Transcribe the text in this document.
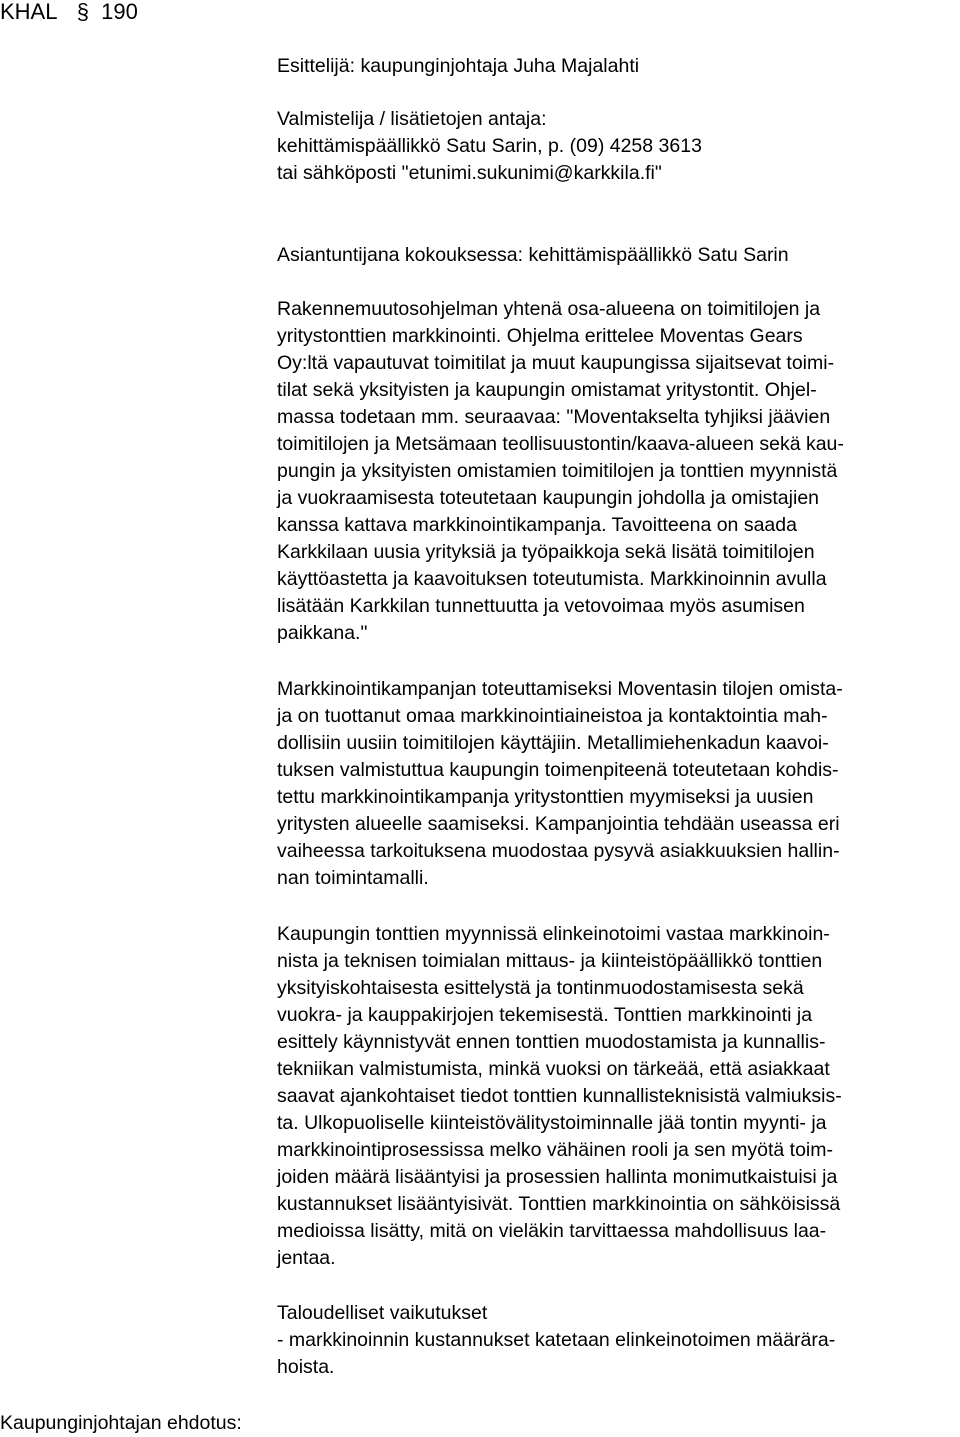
KHAL § 190
Esittelijä: kaupunginjohtaja Juha Majalahti
Valmistelija / lisätietojen antaja:
kehittämispäällikkö Satu Sarin, p. (09) 4258 3613
tai sähköposti "etunimi.sukunimi@karkkila.fi"
Asiantuntijana kokouksessa: kehittämispäällikkö Satu Sarin
Rakennemuutosohjelman yhtenä osa-alueena on toimitilojen ja
yritystonttien markkinointi. Ohjelma erittelee Moventas Gears
Oy:ltä vapautuvat toimitilat ja muut kaupungissa sijaitsevat toimi-
tilat sekä yksityisten ja kaupungin omistamat yritystontit. Ohjel-
massa todetaan mm. seuraavaa: "Moventakselta tyhjiksi jäävien
toimitilojen ja Metsämaan teollisuustontin/kaava-alueen sekä kau-
pungin ja yksityisten omistamien toimitilojen ja tonttien myynnistä
ja vuokraamisesta toteutetaan kaupungin johdolla ja omistajien
kanssa kattava markkinointikampanja. Tavoitteena on saada
Karkkilaan uusia yrityksiä ja työpaikkoja sekä lisätä toimitilojen
käyttöastetta ja kaavoituksen toteutumista. Markkinoinnin avulla
lisätään Karkkilan tunnettuutta ja vetovoimaa myös asumisen
paikkana."
Markkinointikampanjan toteuttamiseksi Moventasin tilojen omista-
ja on tuottanut omaa markkinointiaineistoa ja kontaktointia mah-
dollisiin uusiin toimitilojen käyttäjiin. Metallimiehenkadun kaavoi-
tuksen valmistuttua kaupungin toimenpiteenä toteutetaan kohdis-
tettu markkinointikampanja yritystonttien myymiseksi ja uusien
yritysten alueelle saamiseksi. Kampanjointia tehdään useassa eri
vaiheessa tarkoituksena muodostaa pysyvä asiakkuuksien hallin-
nan toimintamalli.
Kaupungin tonttien myynnissä elinkeinotoimi vastaa markkinoin-
nista ja teknisen toimialan mittaus- ja kiinteistöpäällikkö tonttien
yksityiskohtaisesta esittelystä ja tontinmuodostamisesta sekä
vuokra- ja kauppakirjojen tekemisestä. Tonttien markkinointi ja
esittely käynnistyvät ennen tonttien muodostamista ja kunnallis-
tekniikan valmistumista, minkä vuoksi on tärkeää, että asiakkaat
saavat ajankohtaiset tiedot tonttien kunnallisteknisistä valmiuksis-
ta. Ulkopuoliselle kiinteistövälitystoiminnalle jää tontin myynti- ja
markkinointiprosessissa melko vähäinen rooli ja sen myötä toim-
joiden määrä lisääntyisi ja prosessien hallinta monimutkaistuisi ja
kustannukset lisääntyisivät. Tonttien markkinointia on sähköisissä
medioissa lisätty, mitä on vieläkin tarvittaessa mahdollisuus laa-
jentaa.
Taloudelliset vaikutukset
- markkinoinnin kustannukset katetaan elinkeinotoimen määrära-
hoista.
Kaupunginjohtajan ehdotus:
